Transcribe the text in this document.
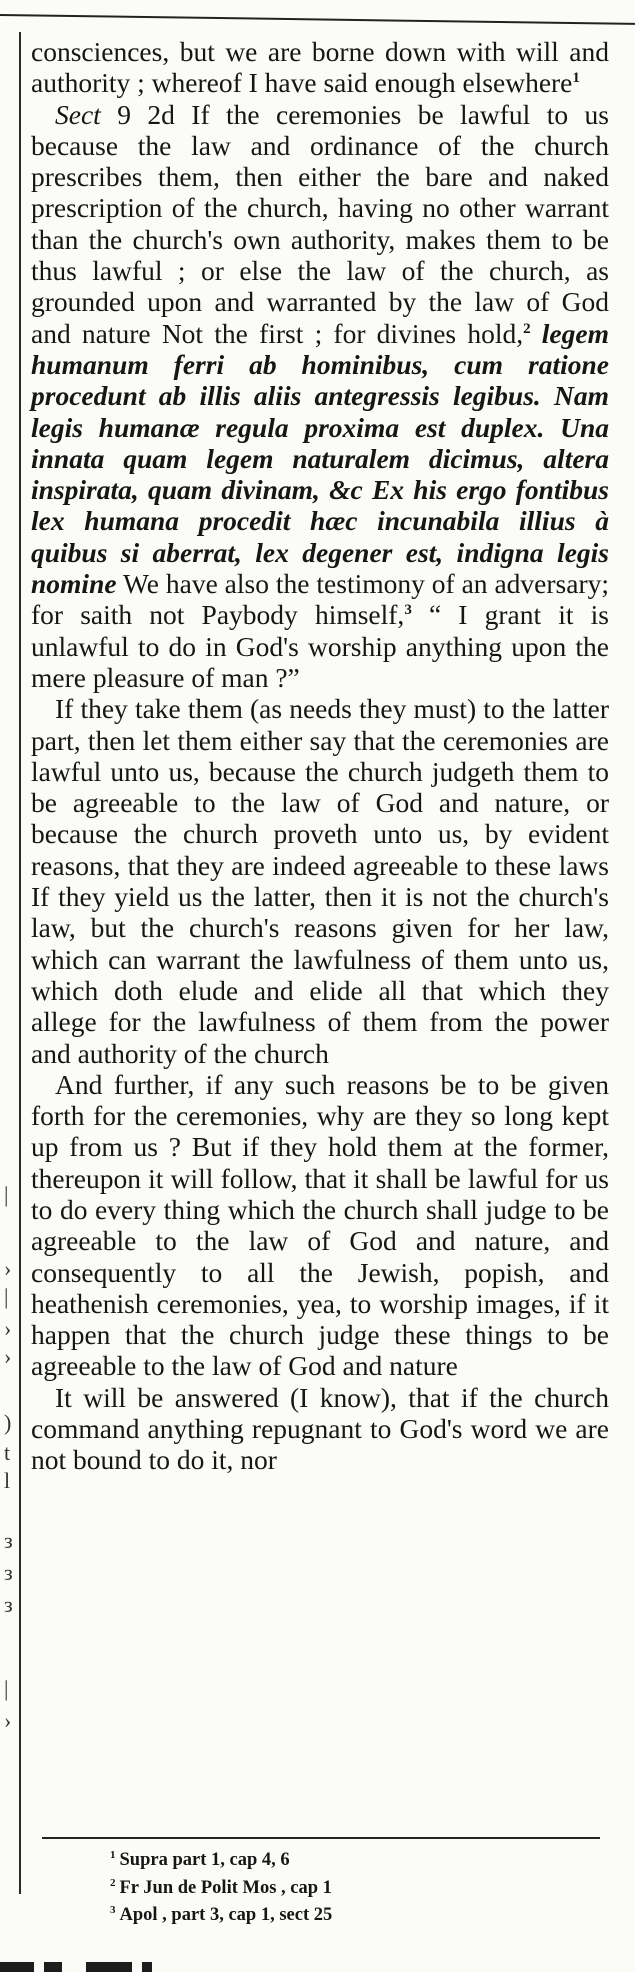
|
›
|
›
›
)
t
l
з
з
з
|
›

consciences, but we are borne down with will and authority ; whereof I have said enough elsewhere$^1$

Sect 9 2d If the ceremonies be lawful to us because the law and ordinance of the church prescribes them, then either the bare and naked prescription of the church, having no other warrant than the church's own authority, makes them to be thus lawful ; or else the law of the church, as grounded upon and warranted by the law of God and nature Not the first ; for divines hold,$^2$ legem humanum ferri ab hominibus, cum ratione procedunt ab illis aliis antegressis legibus. Nam legis humanæ regula proxima est duplex. Una innata quam legem naturalem dicimus, altera inspirata, quam divinam, &c Ex his ergo fontibus lex humana procedit hæc incunabila illius à quibus si aberrat, lex degener est, indigna legis nomine We have also the testimony of an adversary; for saith not Paybody himself,$^3$ “ I grant it is unlawful to do in God's worship anything upon the mere pleasure of man ?”

If they take them (as needs they must) to the latter part, then let them either say that the ceremonies are lawful unto us, because the church judgeth them to be agreeable to the law of God and nature, or because the church proveth unto us, by evident reasons, that they are indeed agreeable to these laws If they yield us the latter, then it is not the church's law, but the church's reasons given for her law, which can warrant the lawfulness of them unto us, which doth elude and elide all that which they allege for the lawfulness of them from the power and authority of the church

And further, if any such reasons be to be given forth for the ceremonies, why are they so long kept up from us ? But if they hold them at the former, thereupon it will follow, that it shall be lawful for us to do every thing which the church shall judge to be agreeable to the law of God and nature, and consequently to all the Jewish, popish, and heathenish ceremonies, yea, to worship images, if it happen that the church judge these things to be agreeable to the law of God and nature

It will be answered (I know), that if the church command anything repugnant to God's word we are not bound to do it, nor

$^1$ Supra part 1, cap 4, 6
$^2$ Fr Jun de Polit Mos , cap 1
$^3$ Apol , part 3, cap 1, sect 25
